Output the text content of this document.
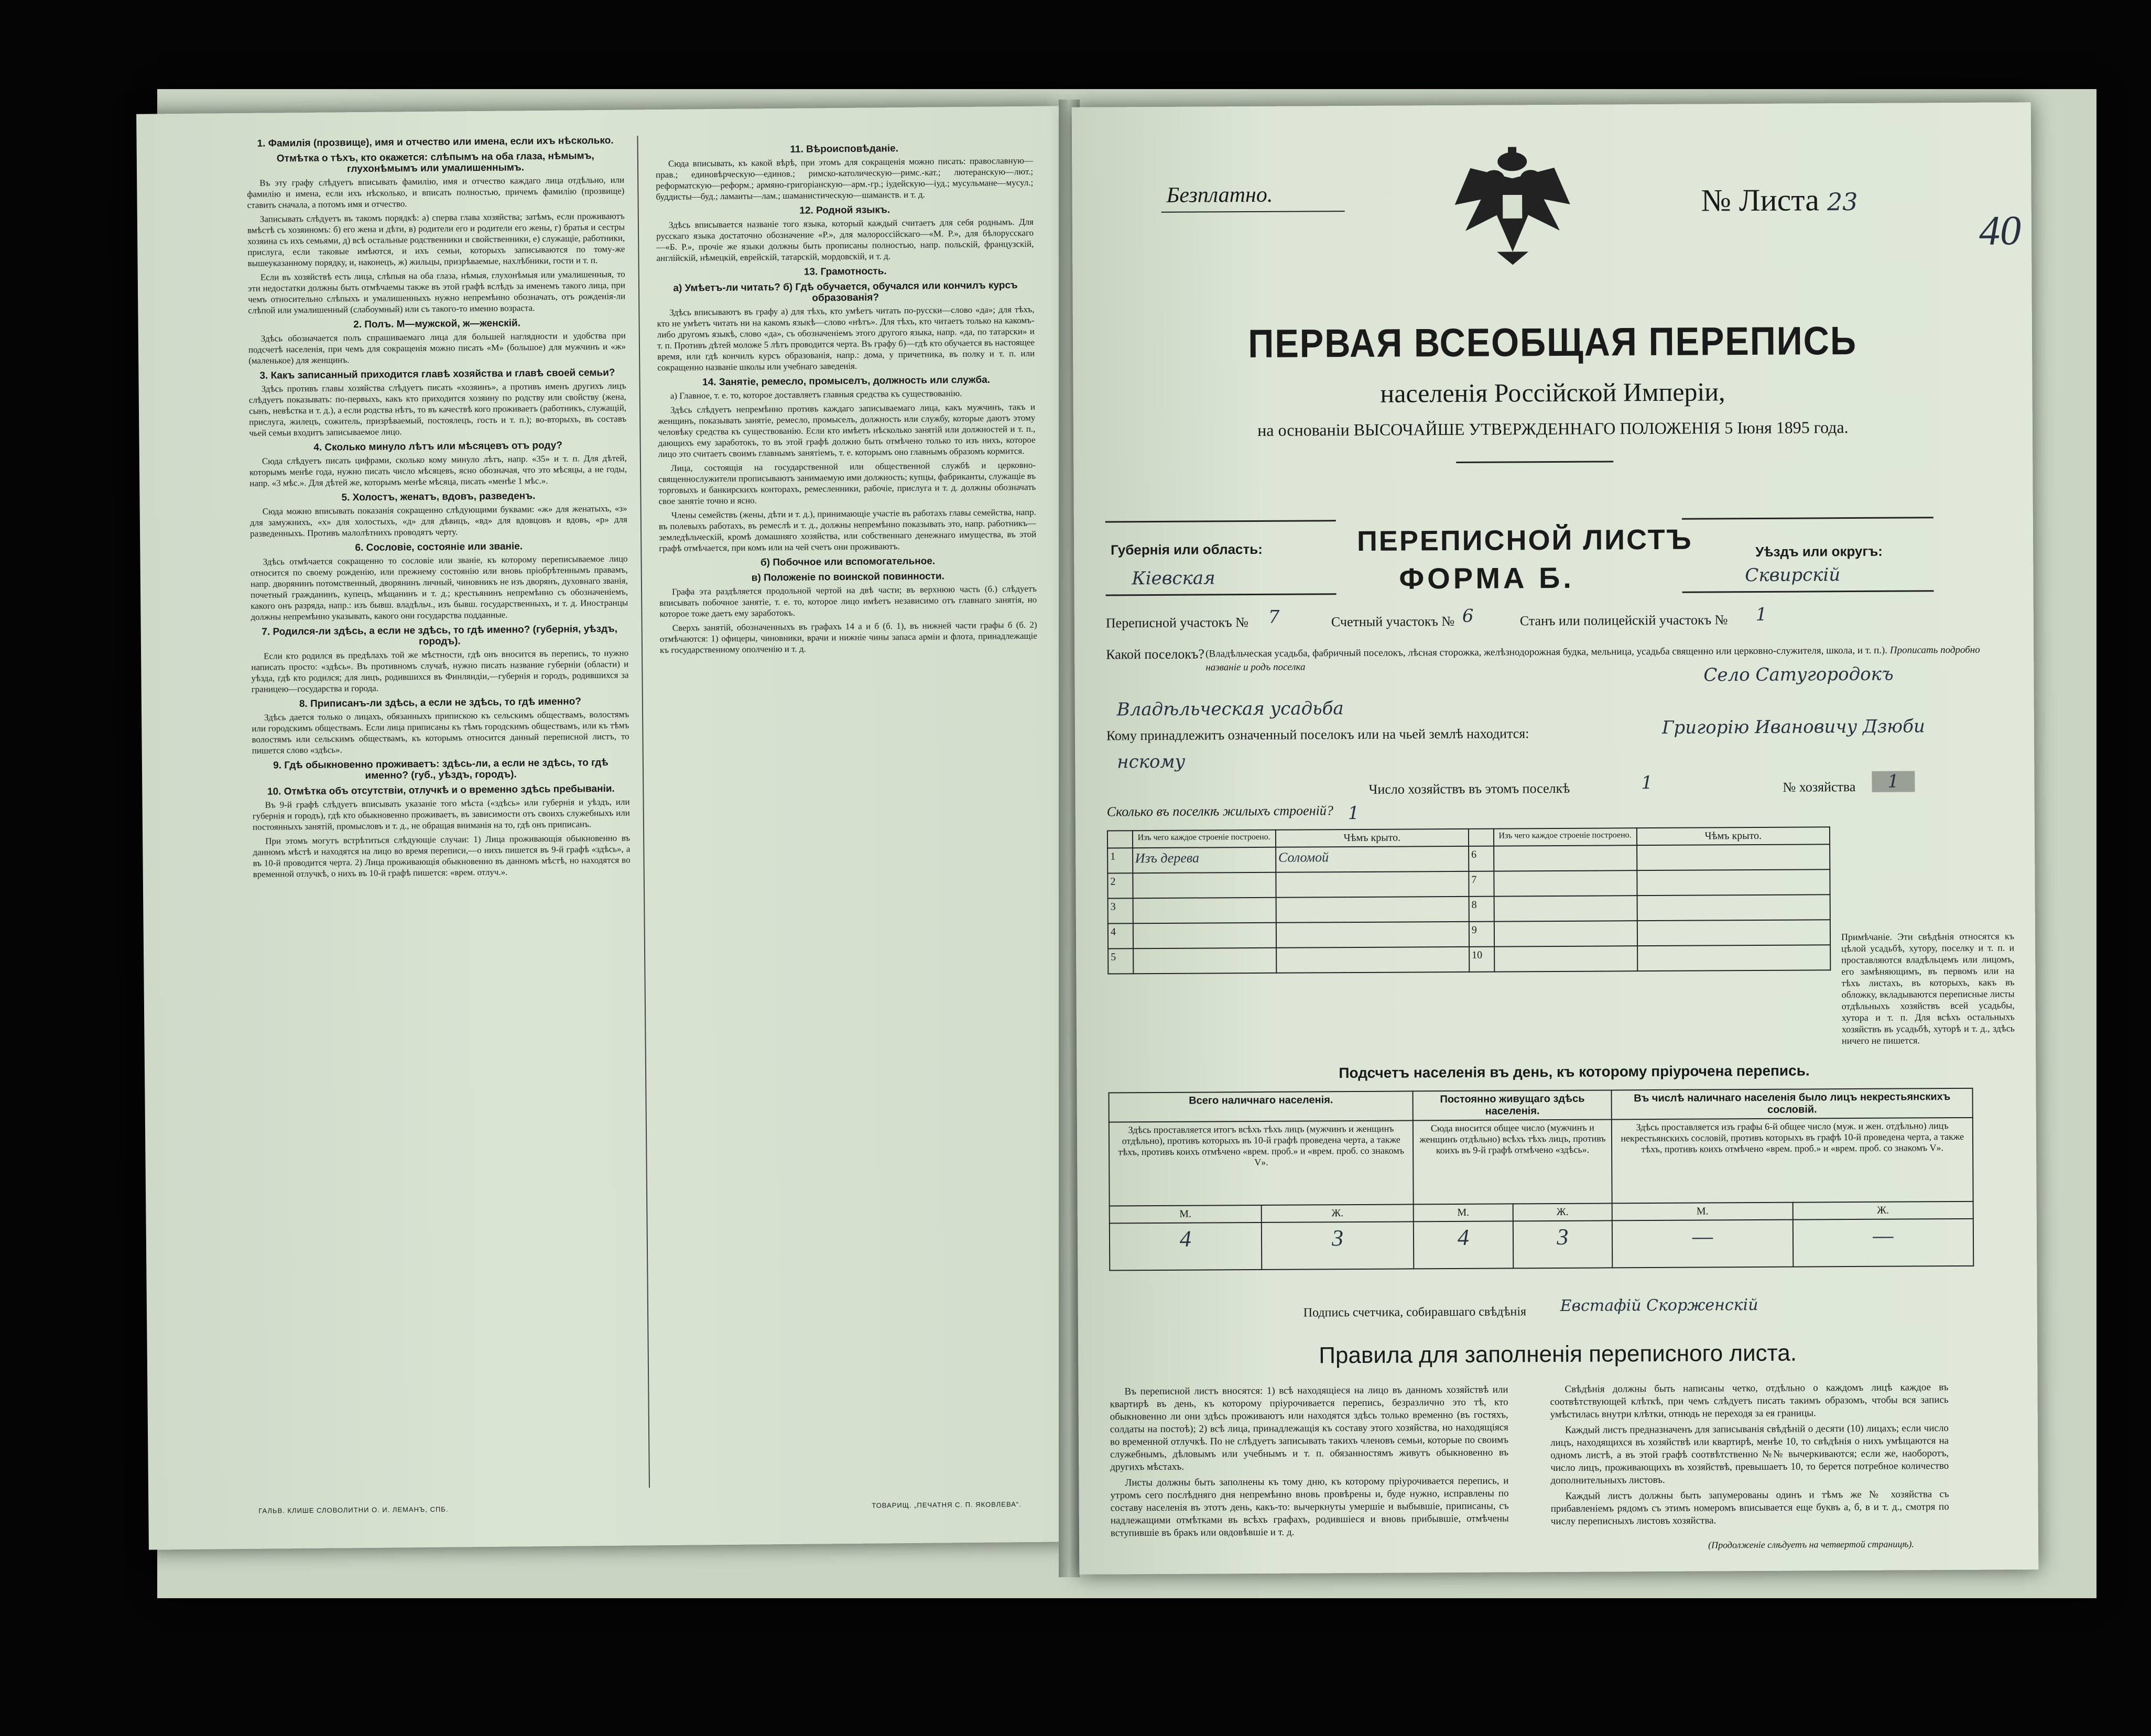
1. Фамилія (прозвище), имя и отчество или имена, если ихъ нѣсколько.
Отмѣтка о тѣхъ, кто окажется: слѣпымъ на оба глаза, нѣмымъ, глухонѣмымъ или умалишеннымъ.

Въ эту графу слѣдуетъ вписывать фамилію, имя и отчество каждаго лица отдѣльно, или фамилію и имена, если ихъ нѣсколько, и вписать полностью, причемъ фамилію (прозвище) ставить сначала, а потомъ имя и отчество.

Записывать слѣдуетъ въ такомъ порядкѣ: а) сперва глава хозяйства; затѣмъ, если проживаютъ вмѣстѣ съ хозяиномъ: б) его жена и дѣти, в) родители его и родители его жены, г) братья и сестры хозяина съ ихъ семьями, д) всѣ остальные родственники и свойственники, е) служащіе, работники, прислуга, если таковые имѣются, и ихъ семьи, которыхъ записываются по тому-же вышеуказанному порядку, и, наконецъ, ж) жильцы, призрѣваемые, нахлѣбники, гости и т. п.

Если въ хозяйствѣ есть лица, слѣпыя на оба глаза, нѣмыя, глухонѣмыя или умалишенныя, то эти недостатки должны быть отмѣчаемы также въ этой графѣ вслѣдъ за именемъ такого лица, при чемъ относительно слѣпыхъ и умалишенныхъ нужно непремѣнно обозначать, отъ рожденія-ли слѣпой или умалишенный (слабоумный) или съ такого-то именно возраста.

2. Полъ. М—мужской, ж—женскій.

Здѣсь обозначается полъ спрашиваемаго лица для большей наглядности и удобства при подсчетѣ населенія, при чемъ для сокращенія можно писать «М» (большое) для мужчинъ и «ж» (маленькое) для женщинъ.

3. Какъ записанный приходится главѣ хозяйства и главѣ своей семьи?

Здѣсь противъ главы хозяйства слѣдуетъ писать «хозяинъ», а противъ именъ другихъ лицъ слѣдуетъ показывать: по-первыхъ, какъ кто приходится хозяину по родству или свойству (жена, сынъ, невѣстка и т. д.), а если родства нѣтъ, то въ качествѣ кого проживаетъ (работникъ, служащій, прислуга, жилецъ, сожитель, призрѣваемый, постоялецъ, гость и т. п.); во-вторыхъ, въ составъ чьей семьи входитъ записываемое лицо.

4. Сколько минуло лѣтъ или мѣсяцевъ отъ роду?

Сюда слѣдуетъ писать цифрами, сколько кому минуло лѣтъ, напр. «35» и т. п. Для дѣтей, которымъ менѣе года, нужно писать число мѣсяцевъ, ясно обозначая, что это мѣсяцы, а не годы, напр. «3 мѣс.». Для дѣтей же, которымъ менѣе мѣсяца, писать «менѣе 1 мѣс.».

5. Холостъ, женатъ, вдовъ, разведенъ.

Сюда можно вписывать показанія сокращенно слѣдующими буквами: «ж» для женатыхъ, «з» для замужнихъ, «х» для холостыхъ, «д» для дѣвицъ, «вд» для вдовцовъ и вдовъ, «р» для разведенныхъ. Противъ малолѣтнихъ проводятъ черту.

6. Сословіе, состояніе или званіе.

Здѣсь отмѣчается сокращенно то сословіе или званіе, къ которому переписываемое лицо относится по своему рожденію, или прежнему состоянію или вновь пріобрѣтеннымъ правамъ, напр. дворянинъ потомственный, дворянинъ личный, чиновникъ не изъ дворянъ, духовнаго званія, почетный гражданинъ, купецъ, мѣщанинъ и т. д.; крестьянинъ непремѣнно съ обозначеніемъ, какого онъ разряда, напр.: изъ бывш. владѣльч., изъ бывш. государственныхъ, и т. д. Иностранцы должны непремѣнно указывать, какого они государства подданные.

7. Родился-ли здѣсь, а если не здѣсь, то гдѣ именно? (губернія, уѣздъ, городъ).

Если кто родился въ предѣлахъ той же мѣстности, гдѣ онъ вносится въ перепись, то нужно написать просто: «здѣсь». Въ противномъ случаѣ, нужно писать название губерніи (области) и уѣзда, гдѣ кто родился; для лицъ, родившихся въ Финляндіи,—губернія и городъ, родившихся за границею—государства и города.

8. Приписанъ-ли здѣсь, а если не здѣсь, то гдѣ именно?

Здѣсь дается только о лицахъ, обязанныхъ припискою къ сельскимъ обществамъ, волостямъ или городскимъ обществамъ. Если лица приписаны къ тѣмъ городскимъ обществамъ, или къ тѣмъ волостямъ или сельскимъ обществамъ, къ которымъ относится данный переписной листъ, то пишется слово «здѣсь».

9. Гдѣ обыкновенно проживаетъ: здѣсь-ли, а если не здѣсь, то гдѣ именно? (губ., уѣздъ, городъ).
10. Отмѣтка объ отсутствіи, отлучкѣ и о временно здѣсь пребываніи.

Въ 9-й графѣ слѣдуетъ вписывать указаніе того мѣста («здѣсь» или губернія и уѣздъ, или губернія и городъ), гдѣ кто обыкновенно проживаетъ, въ зависимости отъ своихъ служебныхъ или постоянныхъ занятій, промысловъ и т. д., не обращая вниманія на то, гдѣ онъ приписанъ.

При этомъ могутъ встрѣтиться слѣдующіе случаи: 1) Лица проживающія обыкновенно въ данномъ мѣстѣ и находятся на лицо во время переписи,—о нихъ пишется въ 9-й графѣ «здѣсь», а въ 10-й проводится черта. 2) Лица проживающія обыкновенно въ данномъ мѣстѣ, но находятся во временной отлучкѣ, о нихъ въ 10-й графѣ пишется: «врем. отлуч.».

11. Вѣроисповѣданіе.

Сюда вписывать, къ какой вѣрѣ, при этомъ для сокращенія можно писать: православную—прав.; единовѣрческую—единов.; римско-католическую—римс.-кат.; лютеранскую—лют.; реформатскую—реформ.; армяно-григоріанскую—арм.-гр.; іудейскую—іуд.; мусульмане—мусул.; буддисты—буд.; ламаиты—лам.; шаманистическую—шаманств. и т. д.

12. Родной языкъ.

Здѣсь вписывается названіе того языка, который каждый считаетъ для себя роднымъ. Для русскаго языка достаточно обозначение «Р.», для малороссійскаго—«М. Р.», для бѣлорусскаго—«Б. Р.», прочіе же языки должны быть прописаны полностью, напр. польскій, французскій, англійскій, нѣмецкій, еврейскій, татарскій, мордовскій, и т. д.

13. Грамотность.
а) Умѣетъ-ли читать? б) Гдѣ обучается, обучался или кончилъ курсъ образованія?

Здѣсь вписываютъ въ графу а) для тѣхъ, кто умѣетъ читать по-русски—слово «да»; для тѣхъ, кто не умѣетъ читать ни на какомъ языкѣ—слово «нѣтъ». Для тѣхъ, кто читаетъ только на какомъ-либо другомъ языкѣ, слово «да», съ обозначеніемъ этого другого языка, напр. «да, по татарски» и т. п. Противъ дѣтей моложе 5 лѣтъ проводится черта. Въ графу б)—гдѣ кто обучается въ настоящее время, или гдѣ кончилъ курсъ образованія, напр.: дома, у причетника, въ полку и т. п. или сокращенно названіе школы или учебнаго заведенія.

14. Занятіе, ремесло, промыселъ, должность или служба.

а) Главное, т. е. то, которое доставляетъ главныя средства къ существованію.

Здѣсь слѣдуетъ непремѣнно противъ каждаго записываемаго лица, какъ мужчинъ, такъ и женщинъ, показывать занятіе, ремесло, промыселъ, должность или службу, которые даютъ этому человѣку средства къ существованію. Если кто имѣетъ нѣсколько занятій или должностей и т. п., дающихъ ему заработокъ, то въ этой графѣ должно быть отмѣчено только то изъ нихъ, которое лицо это считаетъ своимъ главнымъ занятіемъ, т. е. которымъ оно главнымъ образомъ кормится.

Лица, состоящія на государственной или общественной службѣ и церковно-священнослужители прописываютъ занимаемую ими должность; купцы, фабриканты, служащіе въ торговыхъ и банкирскихъ конторахъ, ремесленники, рабочіе, прислуга и т. д. должны обозначать свое занятіе точно и ясно.

Члены семействъ (жены, дѣти и т. д.), принимающіе участіе въ работахъ главы семейства, напр. въ полевыхъ работахъ, въ ремеслѣ и т. д., должны непремѣнно показывать это, напр. работникъ—земледѣльческій, кромѣ домашняго хозяйства, или собственнаго денежнаго имущества, въ этой графѣ отмѣчается, при комъ или на чей счетъ они проживаютъ.

б) Побочное или вспомогательное.
в) Положеніе по воинской повинности.

Графа эта раздѣляется продольной чертой на двѣ части; въ верхнюю часть (б.) слѣдуетъ вписывать побочное занятіе, т. е. то, которое лицо имѣетъ независимо отъ главнаго занятія, но которое тоже даетъ ему заработокъ.

Сверхъ занятій, обозначенныхъ въ графахъ 14 а и б (б. 1), въ нижней части графы б (б. 2) отмѣчаются: 1) офицеры, чиновники, врачи и нижніе чины запаса арміи и флота, принадлежащіе къ государственному ополченію и т. д.

ГАЛЬВ. КЛИШЕ СЛОВОЛИТНИ О. И. ЛЕМАНЪ, СПБ.
ТОВАРИЩ. „ПЕЧАТНЯ С. П. ЯКОВЛЕВА“.
Безплатно.	№ Листа 23
40
ПЕРВАЯ ВСЕОБЩАЯ ПЕРЕПИСЬ
населенія Россійской Имперіи,
на основаніи ВЫСОЧАЙШЕ УТВЕРЖДЕННАГО ПОЛОЖЕНІЯ 5 Іюня 1895 года.
Губернія или область:
Кіевская
ПЕРЕПИСНОЙ ЛИСТЪ
ФОРМА Б.
Уѣздъ или округъ:
Сквирскій
Переписной участокъ № 7	Счетный участокъ № 6	Станъ или полицейскій участокъ № 1
Какой поселокъ? (Владѣльческая усадьба, фабричный поселокъ, лѣсная сторожка, желѣзнодорожная будка, мельница, усадьба священно или церковно-служителя, школа, и т. п.). Прописать подробно названіе и родъ поселка	Село Сатугородокъ
Владѣльческая усадьба
Кому принадлежитъ означенный поселокъ или на чьей землѣ находится:	Григорію Ивановичу Дзюби
нскому
Число хозяйствъ въ этомъ поселкѣ	1	№ хозяйства	1
Сколько въ поселкѣ жилыхъ строеній? 1
	Изъ чего каждое строеніе построено.	Чѣмъ крыто.		Изъ чего каждое строеніе построено.	Чѣмъ крыто.
1	Изъ дерева	Соломой	6		
2			7		
3			8		
4			9		
5			10		
Примѣчаніе. Эти свѣдѣнія относятся къ цѣлой усадьбѣ, хутору, поселку и т. п. и проставляются владѣльцемъ или лицомъ, его замѣняющимъ, въ первомъ или на тѣхъ листахъ, въ которыхъ, какъ въ обложку, вкладываются переписные листы отдѣльныхъ хозяйствъ всей усадьбы, хутора и т. п. Для всѣхъ остальныхъ хозяйствъ въ усадьбѣ, хуторѣ и т. д., здѣсь ничего не пишется.
Подсчетъ населенія въ день, къ которому пріурочена перепись.
Всего наличнаго населенія.		Постоянно живущаго здѣсь населенія.		Въ числѣ наличнаго населенія было лицъ некрестьянскихъ сословій.	
Здѣсь проставляется итогъ всѣхъ тѣхъ лицъ (мужчинъ и женщинъ отдѣльно), противъ которыхъ въ 10-й графѣ проведена черта, а также тѣхъ, противъ коихъ отмѣчено «врем. проб.» и «врем. проб. со знакомъ V».		Сюда вносится общее число (мужчинъ и женщинъ отдѣльно) всѣхъ тѣхъ лицъ, противъ коихъ въ 9-й графѣ отмѣчено «здѣсь».		Здѣсь проставляется изъ графы 6-й общее число (муж. и жен. отдѣльно) лицъ некрестьянскихъ сословій, противъ которыхъ въ графѣ 10-й проведена черта, а также тѣхъ, противъ коихъ отмѣчено «врем. проб.» и «врем. проб. со знакомъ V».	
М.	Ж.	М.	Ж.	М.	Ж.
4	3	4	3	—	—
Подпись счетчика, собиравшаго свѣдѣнія Евстафій Скорженскій
Правила для заполненія переписного листа.

Въ переписной листъ вносятся: 1) всѣ находящіеся на лицо въ данномъ хозяйствѣ или квартирѣ въ день, къ которому пріурочивается перепись, безразлично это тѣ, кто обыкновенно ли они здѣсь проживаютъ или находятся здѣсь только временно (въ гостяхъ, солдаты на постоѣ); 2) всѣ лица, принадлежащія къ составу этого хозяйства, но находящіяся во временной отлучкѣ. По не слѣдуетъ записывать такихъ членовъ семьи, которые по своимъ служебнымъ, дѣловымъ или учебнымъ и т. п. обязанностямъ живутъ обыкновенно въ другихъ мѣстахъ.

Листы должны быть заполнены къ тому дню, къ которому пріурочивается перепись, и утромъ сего послѣдняго дня непремѣнно вновь провѣрены и, буде нужно, исправлены по составу населенія въ этотъ день, какъ-то: вычеркнуты умершіе и выбывшіе, приписаны, съ надлежащими отмѣтками въ всѣхъ графахъ, родившіеся и вновь прибывшіе, отмѣчены вступившіе въ бракъ или овдовѣвшіе и т. д.

Свѣдѣнія должны быть написаны четко, отдѣльно о каждомъ лицѣ каждое въ соотвѣтствующей клѣткѣ, при чемъ слѣдуетъ писать такимъ образомъ, чтобы вся запись умѣстилась внутри клѣтки, отнюдь не переходя за ея границы.

Каждый листъ предназначенъ для записыванія свѣдѣній о десяти (10) лицахъ; если число лицъ, находящихся въ хозяйствѣ или квартирѣ, менѣе 10, то свѣдѣнія о нихъ умѣщаются на одномъ листѣ, а въ этой графѣ соотвѣтственно №№ вычеркиваются; если же, наоборотъ, число лицъ, проживающихъ въ хозяйствѣ, превышаетъ 10, то берется потребное количество дополнительныхъ листовъ.

Каждый листъ должны быть запумерованы одинъ и тѣмъ же № хозяйства съ прибавленіемъ рядомъ съ этимъ номеромъ вписывается еще буквъ а, б, в и т. д., смотря по числу переписныхъ листовъ хозяйства.

(Продолженіе слѣдуетъ на четвертой страницѣ).
